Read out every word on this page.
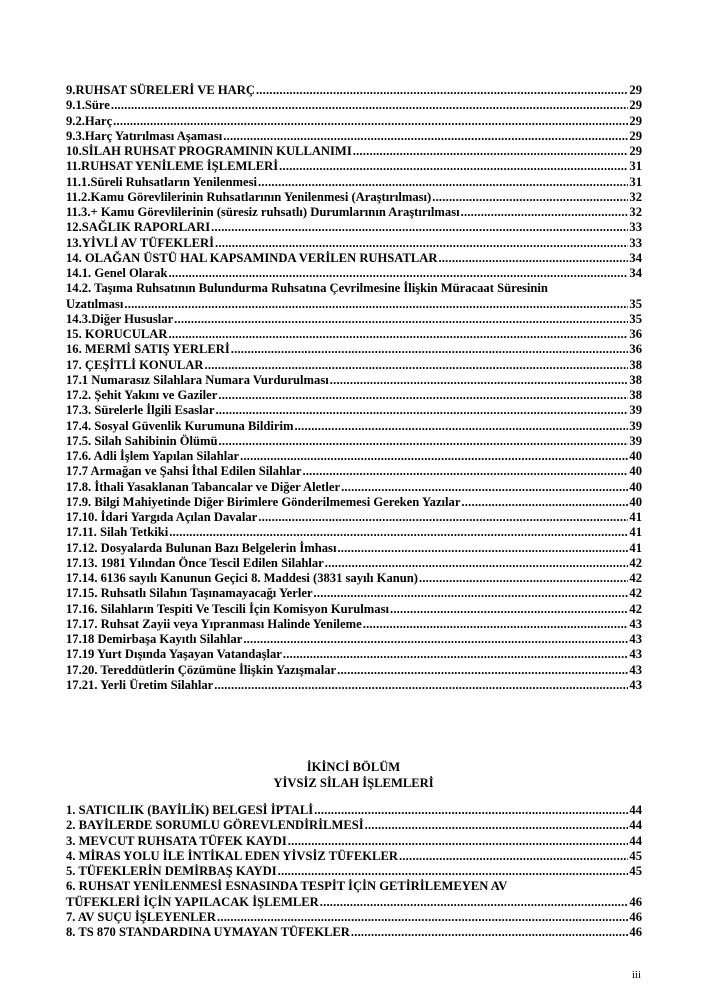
9.RUHSAT SÜRELERİ VE HARÇ .....	29
9.1.Süre .....	29
9.2.Harç .....	29
9.3.Harç Yatırılması Aşaması .....	29
10.SİLAH RUHSAT PROGRAMININ KULLANIMI .....	29
11.RUHSAT YENİLEME İŞLEMLERİ .....	31
11.1.Süreli Ruhsatların Yenilenmesi .....	31
11.2.Kamu Görevlilerinin Ruhsatlarının Yenilenmesi (Araştırılması) .....	32
11.3.+ Kamu Görevlilerinin (süresiz ruhsatlı) Durumlarının Araştırılması .....	32
12.SAĞLIK RAPORLARI .....	33
13.YİVLİ AV TÜFEKLERİ .....	33
14. OLAĞAN ÜSTÜ HAL KAPSAMINDA VERİLEN RUHSATLAR .....	34
14.1. Genel Olarak .....	34
14.2. Taşıma Ruhsatının Bulundurma Ruhsatına Çevrilmesine İlişkin Müracaat Süresinin
Uzatılması .....	35
14.3.Diğer Hususlar .....	35
15. KORUCULAR .....	36
16. MERMİ SATIŞ YERLERİ .....	36
17. ÇEŞİTLİ KONULAR .....	38
17.1 Numarasız Silahlara Numara Vurdurulması .....	38
17.2. Şehit Yakını ve Gaziler .....	38
17.3. Sürelerle İlgili Esaslar .....	39
17.4. Sosyal Güvenlik Kurumuna Bildirim .....	39
17.5. Silah Sahibinin Ölümü .....	39
17.6. Adli İşlem Yapılan Silahlar .....	40
17.7 Armağan ve Şahsi İthal Edilen Silahlar .....	40
17.8. İthali Yasaklanan Tabancalar ve Diğer Aletler .....	40
17.9. Bilgi Mahiyetinde Diğer Birimlere Gönderilmemesi Gereken Yazılar .....	40
17.10. İdari Yargıda Açılan Davalar .....	41
17.11. Silah Tetkiki .....	41
17.12. Dosyalarda Bulunan Bazı Belgelerin İmhası .....	41
17.13. 1981 Yılından Önce Tescil Edilen Silahlar .....	42
17.14. 6136 sayılı Kanunun Geçici 8. Maddesi (3831 sayılı Kanun) .....	42
17.15. Ruhsatlı Silahın Taşınamayacağı Yerler .....	42
17.16. Silahların Tespiti Ve Tescili İçin Komisyon Kurulması .....	42
17.17. Ruhsat Zayii veya Yıpranması Halinde Yenileme .....	43
17.18 Demirbaşa Kayıtlı Silahlar .....	43
17.19 Yurt Dışında Yaşayan Vatandaşlar .....	43
17.20. Tereddütlerin Çözümüne İlişkin Yazışmalar .....	43
17.21. Yerli Üretim Silahlar .....	43
İKİNCİ BÖLÜM
YİVSİZ SİLAH İŞLEMLERİ
1. SATICILIK (BAYİLİK) BELGESİ İPTALİ .....	44
2. BAYİLERDE SORUMLU GÖREVLENDİRİLMESİ .....	44
3. MEVCUT RUHSATA TÜFEK KAYDI .....	44
4. MİRAS YOLU İLE İNTİKAL EDEN YİVSİZ TÜFEKLER .....	45
5. TÜFEKLERİN DEMİRBAŞ KAYDI .....	45
6. RUHSAT YENİLENMESİ ESNASINDA TESPİT İÇİN GETİRİLEMEYEN AV
TÜFEKLERİ İÇİN YAPILACAK İŞLEMLER .....	46
7. AV SUÇU İŞLEYENLER .....	46
8. TS 870 STANDARDINA UYMAYAN TÜFEKLER .....	46
iii
